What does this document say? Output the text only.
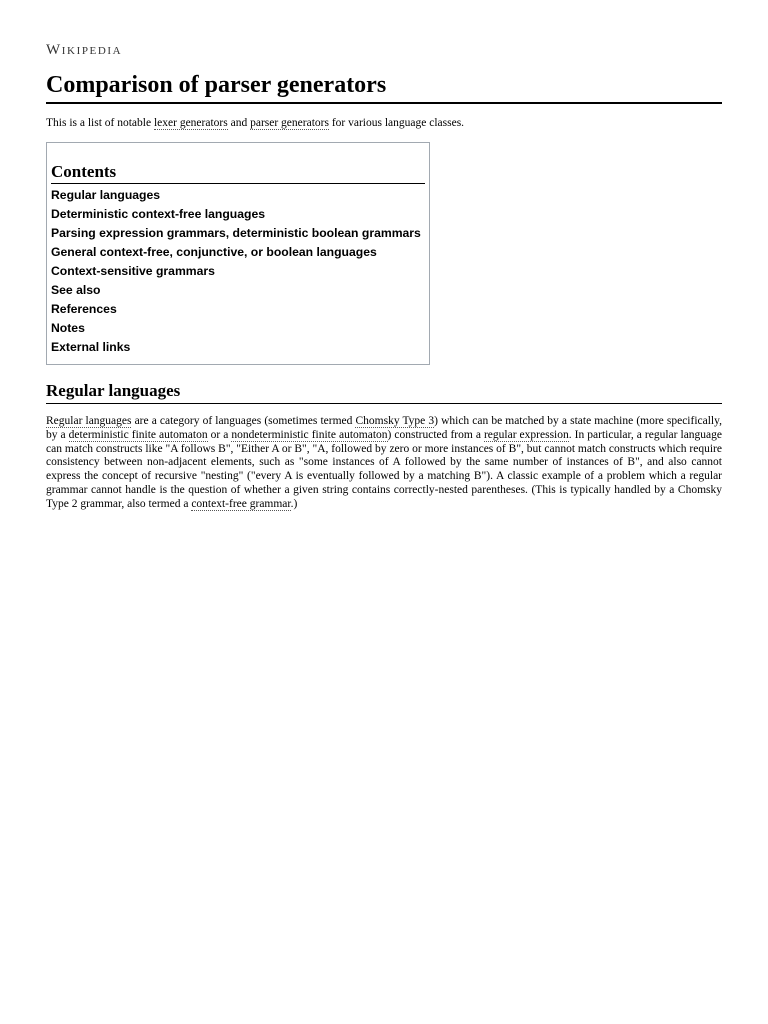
Wikipedia
Comparison of parser generators

This is a list of notable lexer generators and parser generators for various language classes.

Contents
Regular languages
Deterministic context-free languages
Parsing expression grammars, deterministic boolean grammars
General context-free, conjunctive, or boolean languages
Context-sensitive grammars
See also
References
Notes
External links
Regular languages

Regular languages are a category of languages (sometimes termed Chomsky Type 3) which can be matched by a state machine (more specifically, by a deterministic finite automaton or a nondeterministic finite automaton) constructed from a regular expression. In particular, a regular language can match constructs like "A follows B", "Either A or B", "A, followed by zero or more instances of B", but cannot match constructs which require consistency between non-adjacent elements, such as "some instances of A followed by the same number of instances of B", and also cannot express the concept of recursive "nesting" ("every A is eventually followed by a matching B"). A classic example of a problem which a regular grammar cannot handle is the question of whether a given string contains correctly-nested parentheses. (This is typically handled by a Chomsky Type 2 grammar, also termed a context-free grammar.)
